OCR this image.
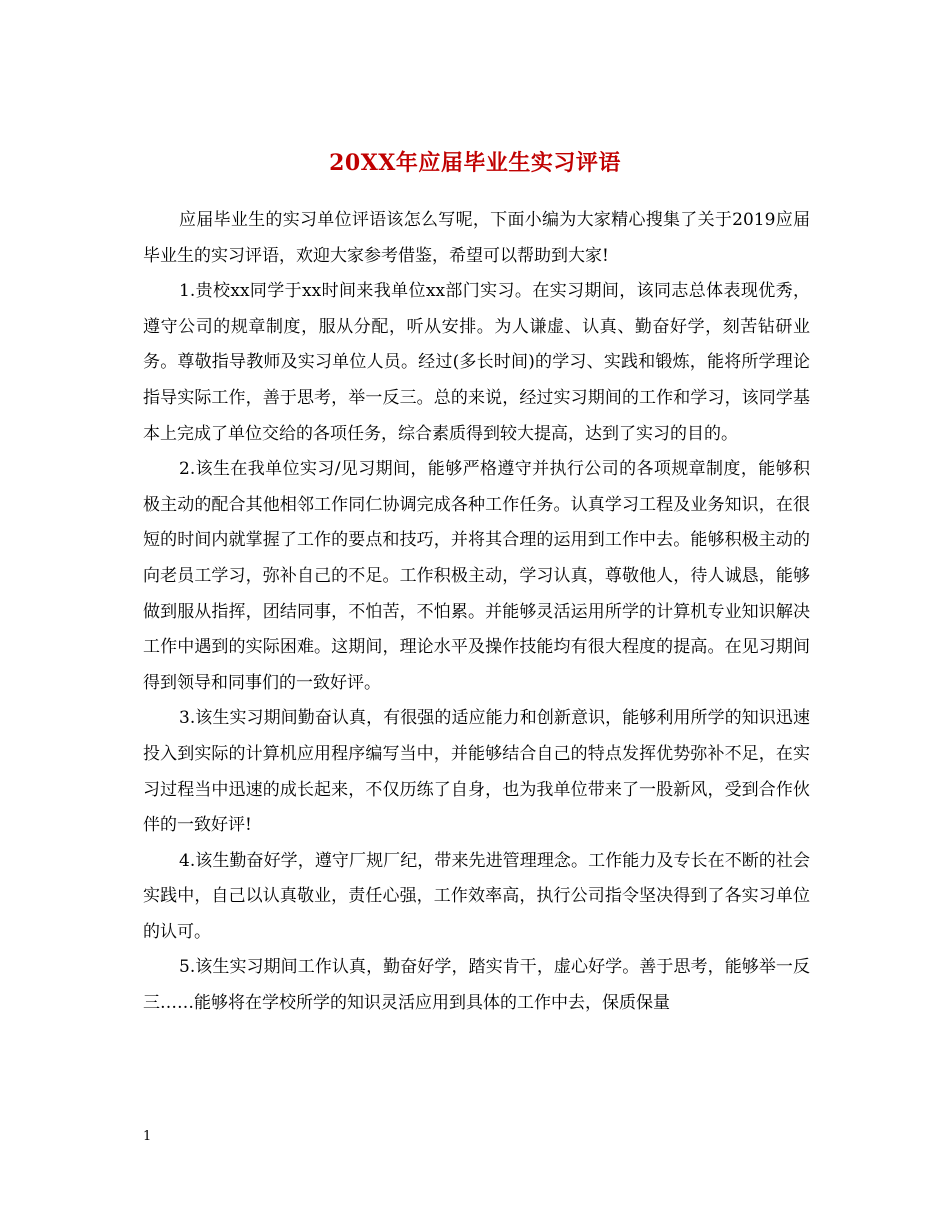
20XX年应届毕业生实习评语

应届毕业生的实习单位评语该怎么写呢，下面小编为大家精心搜集了关于2019应届毕业生的实习评语，欢迎大家参考借鉴，希望可以帮助到大家!

1.贵校xx同学于xx时间来我单位xx部门实习。在实习期间，该同志总体表现优秀，遵守公司的规章制度，服从分配，听从安排。为人谦虚、认真、勤奋好学，刻苦钻研业务。尊敬指导教师及实习单位人员。经过(多长时间)的学习、实践和锻炼，能将所学理论指导实际工作，善于思考，举一反三。总的来说，经过实习期间的工作和学习，该同学基本上完成了单位交给的各项任务，综合素质得到较大提高，达到了实习的目的。

2.该生在我单位实习/见习期间，能够严格遵守并执行公司的各项规章制度，能够积极主动的配合其他相邻工作同仁协调完成各种工作任务。认真学习工程及业务知识，在很短的时间内就掌握了工作的要点和技巧，并将其合理的运用到工作中去。能够积极主动的向老员工学习，弥补自己的不足。工作积极主动，学习认真，尊敬他人，待人诚恳，能够做到服从指挥，团结同事，不怕苦，不怕累。并能够灵活运用所学的计算机专业知识解决工作中遇到的实际困难。这期间，理论水平及操作技能均有很大程度的提高。在见习期间得到领导和同事们的一致好评。

3.该生实习期间勤奋认真，有很强的适应能力和创新意识，能够利用所学的知识迅速投入到实际的计算机应用程序编写当中，并能够结合自己的特点发挥优势弥补不足，在实习过程当中迅速的成长起来，不仅历练了自身，也为我单位带来了一股新风，受到合作伙伴的一致好评!

4.该生勤奋好学，遵守厂规厂纪，带来先进管理理念。工作能力及专长在不断的社会实践中，自己以认真敬业，责任心强，工作效率高，执行公司指令坚决得到了各实习单位的认可。

5.该生实习期间工作认真，勤奋好学，踏实肯干，虚心好学。善于思考，能够举一反三……能够将在学校所学的知识灵活应用到具体的工作中去，保质保量

1
